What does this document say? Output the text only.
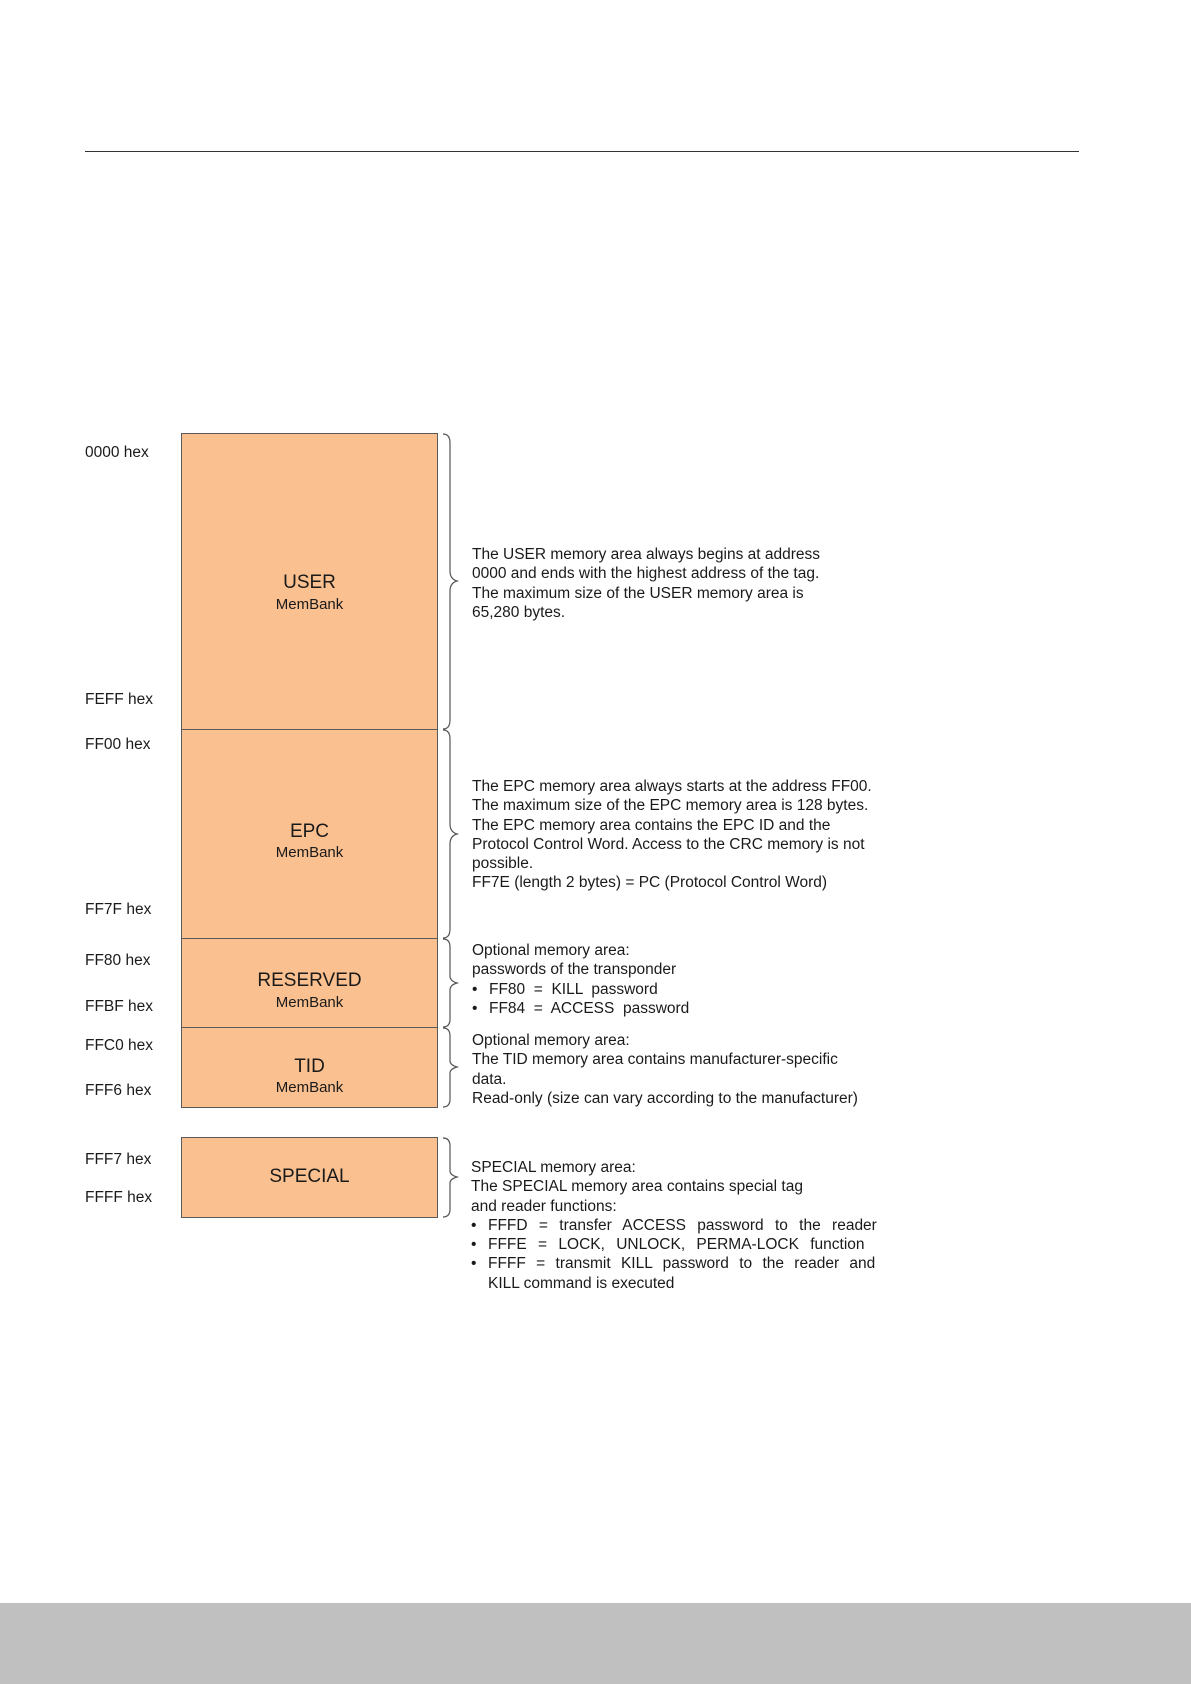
0000 hex
FEFF hex
FF00 hex
FF7F hex
FF80 hex
FFBF hex
FFC0 hex
FFF6 hex
FFF7 hex
FFFF hex
USER
MemBank
EPC
MemBank
RESERVED
MemBank
TID
MemBank
SPECIAL
The USER memory area always begins at address
0000 and ends with the highest address of the tag.
The maximum size of the USER memory area is
65,280 bytes.
The EPC memory area always starts at the address FF00.
The maximum size of the EPC memory area is 128 bytes.
The EPC memory area contains the EPC ID and the
Protocol Control Word. Access to the CRC memory is not
possible.
FF7E (length 2 bytes) = PC (Protocol Control Word)
Optional memory area:
passwords of the transponder
• FF80  =  KILL  password
• FF84  =  ACCESS  password
Optional memory area:
The TID memory area contains manufacturer-specific
data.
Read-only (size can vary according to the manufacturer)
SPECIAL memory area:
The SPECIAL memory area contains special tag
and reader functions:
• FFFD = transfer ACCESS password to the reader
• FFFE = LOCK, UNLOCK, PERMA-LOCK function
• FFFF = transmit KILL password to the reader and
KILL command is executed
